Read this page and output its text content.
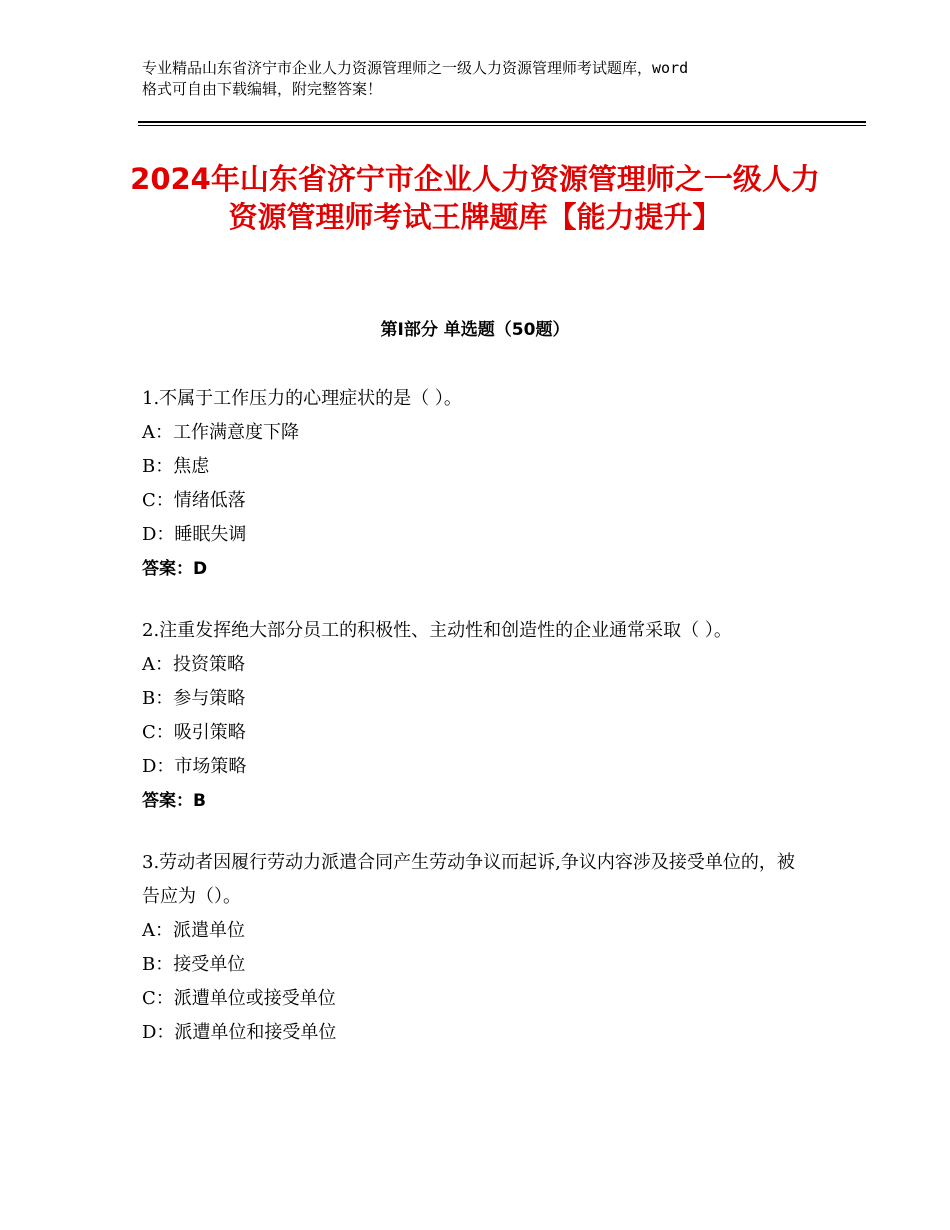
专业精品山东省济宁市企业人力资源管理师之一级人力资源管理师考试题库，word
格式可自由下载编辑，附完整答案！
2024年山东省济宁市企业人力资源管理师之一级人力资源管理师考试王牌题库【能力提升】
第Ⅰ部分 单选题（50题）
1.不属于工作压力的心理症状的是（ ）。
A：工作满意度下降
B：焦虑
C：情绪低落
D：睡眠失调
答案：D
2.注重发挥绝大部分员工的积极性、主动性和创造性的企业通常采取（ ）。
A：投资策略
B：参与策略
C：吸引策略
D：市场策略
答案：B
3.劳动者因履行劳动力派遣合同产生劳动争议而起诉,争议内容涉及接受单位的，被告应为（）。
A：派遣单位
B：接受单位
C：派遭单位或接受单位
D：派遭单位和接受单位
